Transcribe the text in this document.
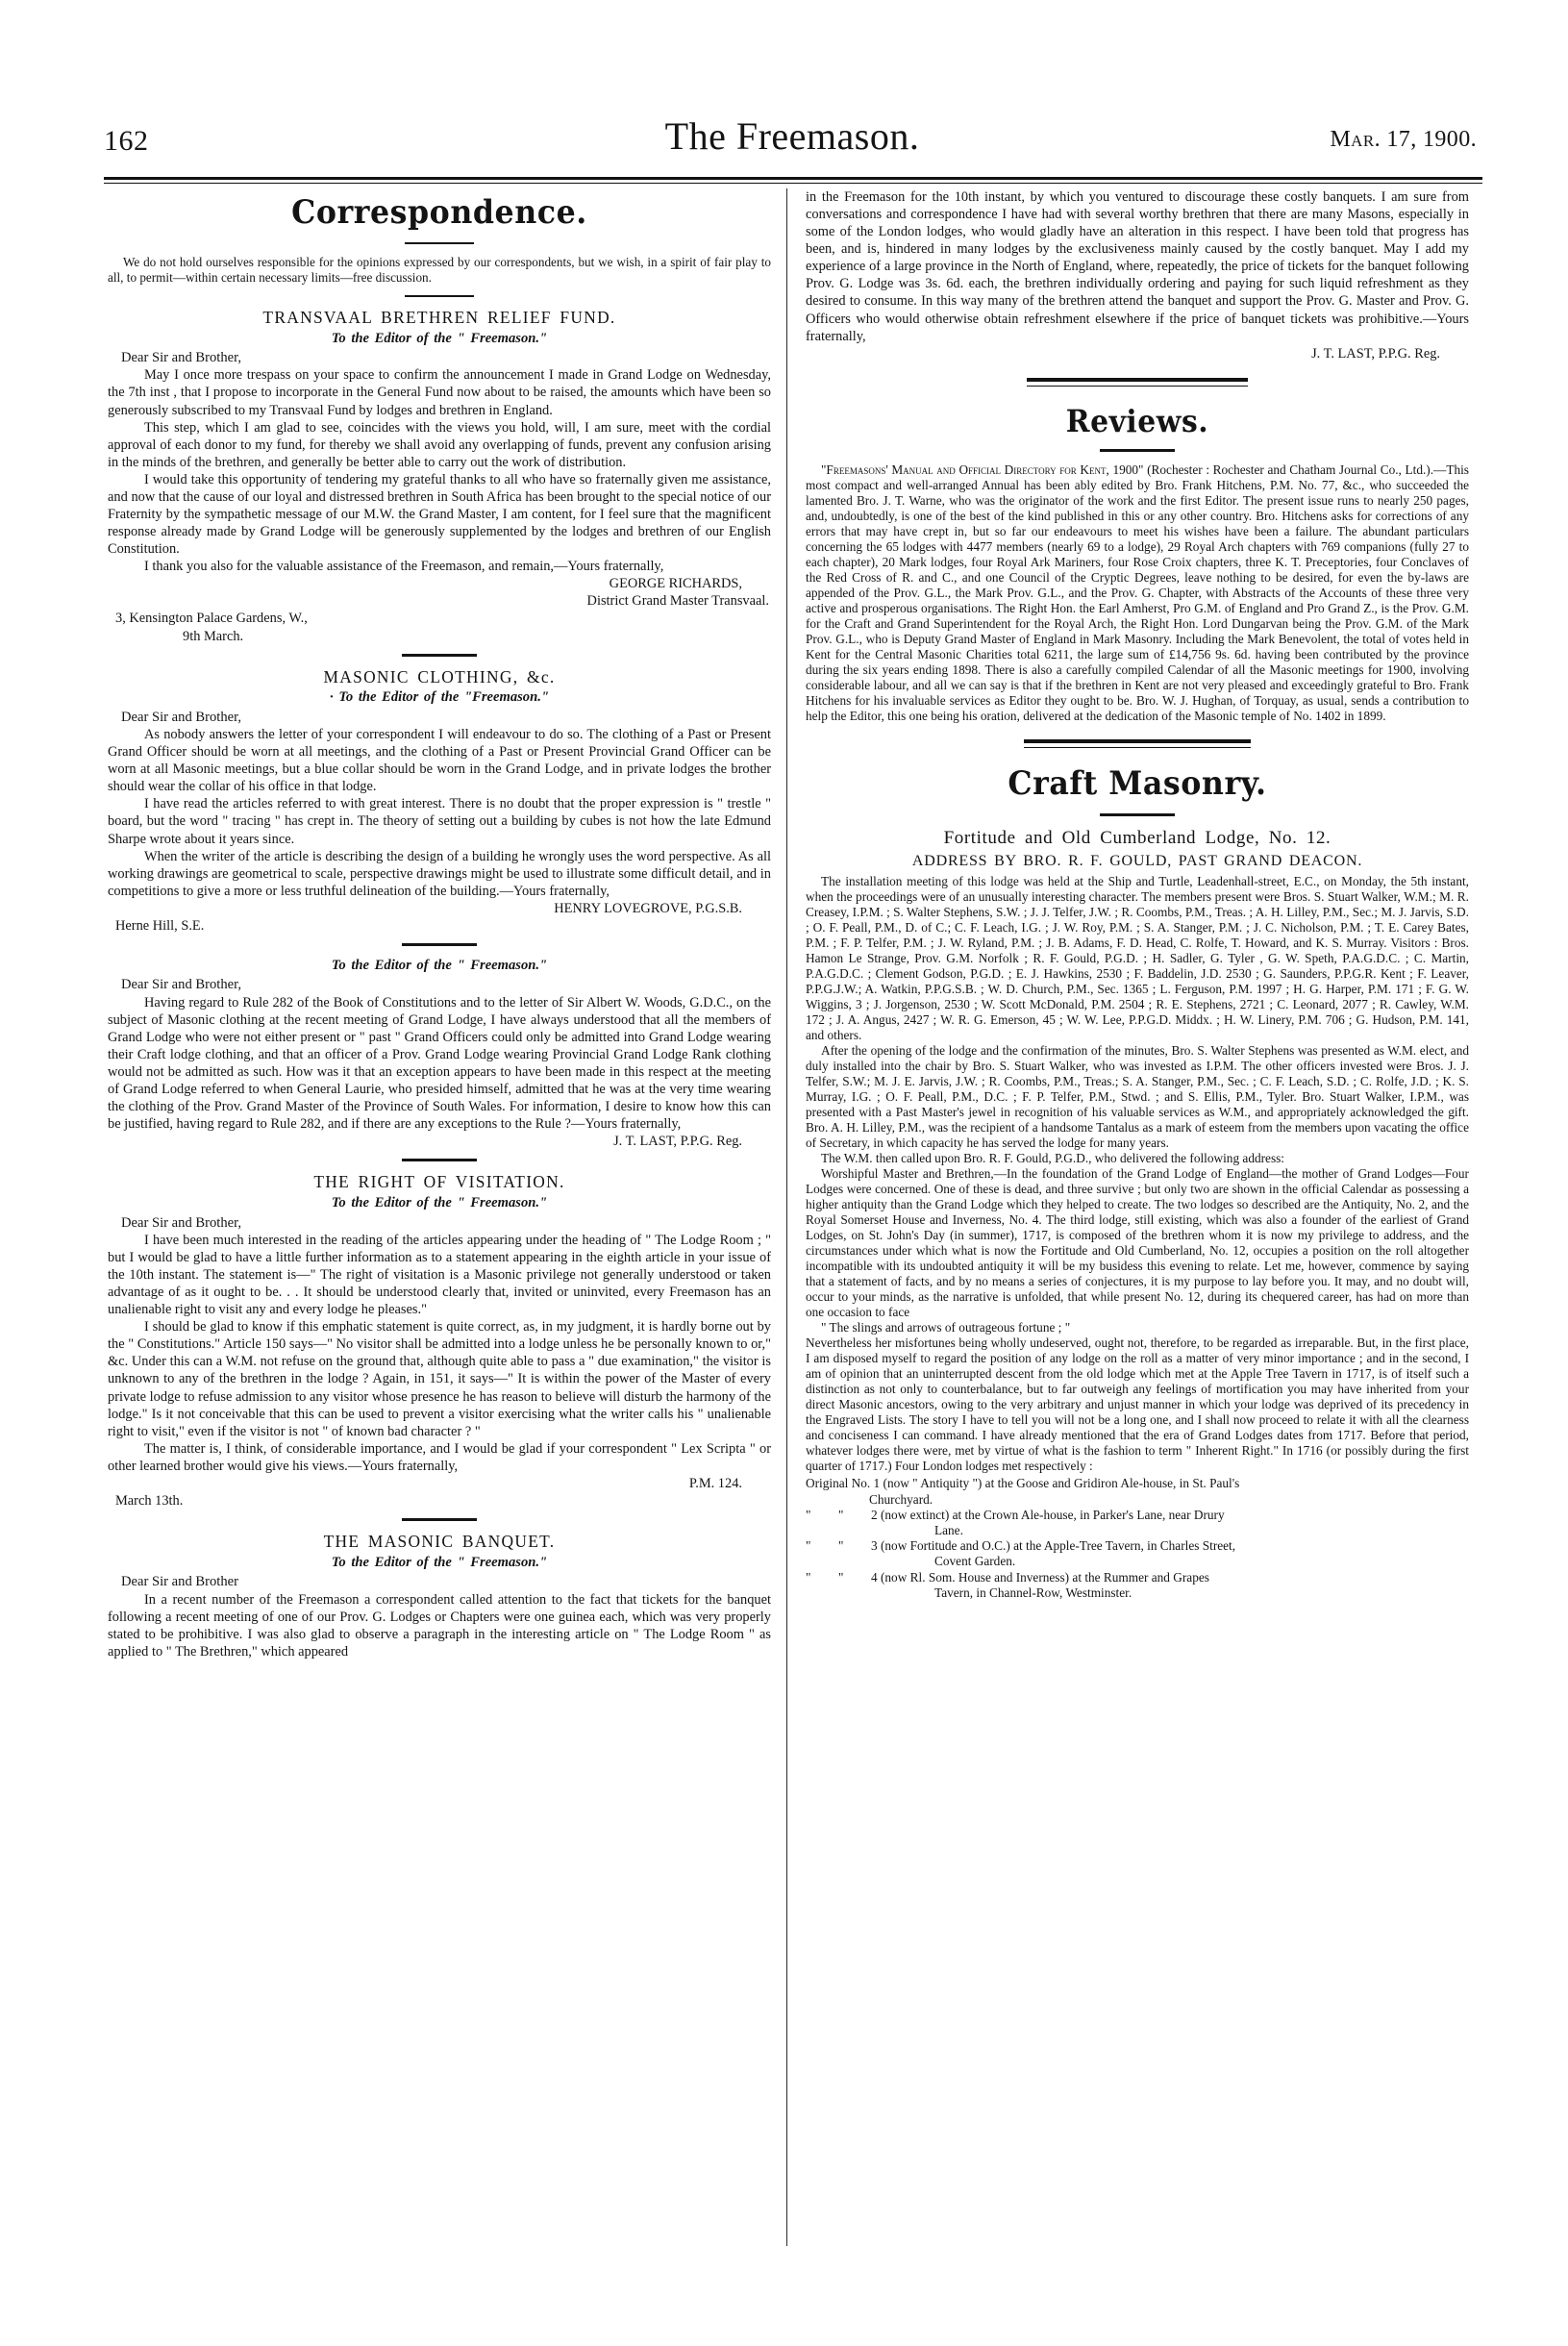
162	The Freemason.	Mar. 17, 1900.
Correspondence.
We do not hold ourselves responsible for the opinions expressed by our correspondents, but we wish, in a spirit of fair play to all, to permit—within certain necessary limits—free discussion.
TRANSVAAL BRETHREN RELIEF FUND.
To the Editor of the " Freemason."
Dear Sir and Brother,

May I once more trespass on your space to confirm the announcement I made in Grand Lodge on Wednesday, the 7th inst , that I propose to incorporate in the General Fund now about to be raised, the amounts which have been so generously subscribed to my Transvaal Fund by lodges and brethren in England.

This step, which I am glad to see, coincides with the views you hold, will, I am sure, meet with the cordial approval of each donor to my fund, for thereby we shall avoid any overlapping of funds, prevent any confusion arising in the minds of the brethren, and generally be better able to carry out the work of distribution.

I would take this opportunity of tendering my grateful thanks to all who have so fraternally given me assistance, and now that the cause of our loyal and distressed brethren in South Africa has been brought to the special notice of our Fraternity by the sympathetic message of our M.W. the Grand Master, I am content, for I feel sure that the magnificent response already made by Grand Lodge will be generously supplemented by the lodges and brethren of our English Constitution.

I thank you also for the valuable assistance of the Freemason, and remain,—Yours fraternally,

GEORGE RICHARDS,

District Grand Master Transvaal.

3, Kensington Palace Gardens, W.,

9th March.

MASONIC CLOTHING, &c.
· To the Editor of the "Freemason."
Dear Sir and Brother,

As nobody answers the letter of your correspondent I will endeavour to do so. The clothing of a Past or Present Grand Officer should be worn at all meetings, and the clothing of a Past or Present Provincial Grand Officer can be worn at all Masonic meetings, but a blue collar should be worn in the Grand Lodge, and in private lodges the brother should wear the collar of his office in that lodge.

I have read the articles referred to with great interest. There is no doubt that the proper expression is " trestle " board, but the word " tracing " has crept in. The theory of setting out a building by cubes is not how the late Edmund Sharpe wrote about it years since.

When the writer of the article is describing the design of a building he wrongly uses the word perspective. As all working drawings are geometrical to scale, perspective drawings might be used to illustrate some difficult detail, and in competitions to give a more or less truthful delineation of the building.—Yours fraternally,

HENRY LOVEGROVE, P.G.S.B.

Herne Hill, S.E.

To the Editor of the " Freemason."
Dear Sir and Brother,

Having regard to Rule 282 of the Book of Constitutions and to the letter of Sir Albert W. Woods, G.D.C., on the subject of Masonic clothing at the recent meeting of Grand Lodge, I have always understood that all the members of Grand Lodge who were not either present or " past " Grand Officers could only be admitted into Grand Lodge wearing their Craft lodge clothing, and that an officer of a Prov. Grand Lodge wearing Provincial Grand Lodge Rank clothing would not be admitted as such. How was it that an exception appears to have been made in this respect at the meeting of Grand Lodge referred to when General Laurie, who presided himself, admitted that he was at the very time wearing the clothing of the Prov. Grand Master of the Province of South Wales. For information, I desire to know how this can be justified, having regard to Rule 282, and if there are any exceptions to the Rule ?—Yours fraternally,

J. T. LAST, P.P.G. Reg.

THE RIGHT OF VISITATION.
To the Editor of the " Freemason."
Dear Sir and Brother,

I have been much interested in the reading of the articles appearing under the heading of " The Lodge Room ; " but I would be glad to have a little further information as to a statement appearing in the eighth article in your issue of the 10th instant. The statement is—" The right of visitation is a Masonic privilege not generally understood or taken advantage of as it ought to be. . . It should be understood clearly that, invited or uninvited, every Freemason has an unalienable right to visit any and every lodge he pleases."

I should be glad to know if this emphatic statement is quite correct, as, in my judgment, it is hardly borne out by the " Constitutions." Article 150 says—" No visitor shall be admitted into a lodge unless he be personally known to or," &c. Under this can a W.M. not refuse on the ground that, although quite able to pass a " due examination," the visitor is unknown to any of the brethren in the lodge ? Again, in 151, it says—" It is within the power of the Master of every private lodge to refuse admission to any visitor whose presence he has reason to believe will disturb the harmony of the lodge." Is it not conceivable that this can be used to prevent a visitor exercising what the writer calls his " unalienable right to visit," even if the visitor is not " of known bad character ? "

The matter is, I think, of considerable importance, and I would be glad if your correspondent " Lex Scripta " or other learned brother would give his views.—Yours fraternally,

P.M. 124.

March 13th.

THE MASONIC BANQUET.
To the Editor of the " Freemason."
Dear Sir and Brother

In a recent number of the Freemason a correspondent called attention to the fact that tickets for the banquet following a recent meeting of one of our Prov. G. Lodges or Chapters were one guinea each, which was very properly stated to be prohibitive. I was also glad to observe a paragraph in the interesting article on " The Lodge Room " as applied to " The Brethren," which appeared

in the Freemason for the 10th instant, by which you ventured to discourage these costly banquets. I am sure from conversations and correspondence I have had with several worthy brethren that there are many Masons, especially in some of the London lodges, who would gladly have an alteration in this respect. I have been told that progress has been, and is, hindered in many lodges by the exclusiveness mainly caused by the costly banquet. May I add my experience of a large province in the North of England, where, repeatedly, the price of tickets for the banquet following Prov. G. Lodge was 3s. 6d. each, the brethren individually ordering and paying for such liquid refreshment as they desired to consume. In this way many of the brethren attend the banquet and support the Prov. G. Master and Prov. G. Officers who would otherwise obtain refreshment elsewhere if the price of banquet tickets was prohibitive.—Yours fraternally,

J. T. LAST, P.P.G. Reg.

Reviews.

"Freemasons' Manual and Official Directory for Kent, 1900" (Rochester : Rochester and Chatham Journal Co., Ltd.).—This most compact and well-arranged Annual has been ably edited by Bro. Frank Hitchens, P.M. No. 77, &c., who succeeded the lamented Bro. J. T. Warne, who was the originator of the work and the first Editor. The present issue runs to nearly 250 pages, and, undoubtedly, is one of the best of the kind published in this or any other country. Bro. Hitchens asks for corrections of any errors that may have crept in, but so far our endeavours to meet his wishes have been a failure. The abundant particulars concerning the 65 lodges with 4477 members (nearly 69 to a lodge), 29 Royal Arch chapters with 769 companions (fully 27 to each chapter), 20 Mark lodges, four Royal Ark Mariners, four Rose Croix chapters, three K. T. Preceptories, four Conclaves of the Red Cross of R. and C., and one Council of the Cryptic Degrees, leave nothing to be desired, for even the by-laws are appended of the Prov. G.L., the Mark Prov. G.L., and the Prov. G. Chapter, with Abstracts of the Accounts of these three very active and prosperous organisations. The Right Hon. the Earl Amherst, Pro G.M. of England and Pro Grand Z., is the Prov. G.M. for the Craft and Grand Superintendent for the Royal Arch, the Right Hon. Lord Dungarvan being the Prov. G.M. of the Mark Prov. G.L., who is Deputy Grand Master of England in Mark Masonry. Including the Mark Benevolent, the total of votes held in Kent for the Central Masonic Charities total 6211, the large sum of £14,756 9s. 6d. having been contributed by the province during the six years ending 1898. There is also a carefully compiled Calendar of all the Masonic meetings for 1900, involving considerable labour, and all we can say is that if the brethren in Kent are not very pleased and exceedingly grateful to Bro. Frank Hitchens for his invaluable services as Editor they ought to be. Bro. W. J. Hughan, of Torquay, as usual, sends a contribution to help the Editor, this one being his oration, delivered at the dedication of the Masonic temple of No. 1402 in 1899.

Craft Masonry.
Fortitude and Old Cumberland Lodge, No. 12.
ADDRESS BY BRO. R. F. GOULD, PAST GRAND DEACON.

The installation meeting of this lodge was held at the Ship and Turtle, Leadenhall-street, E.C., on Monday, the 5th instant, when the proceedings were of an unusually interesting character. The members present were Bros. S. Stuart Walker, W.M.; M. R. Creasey, I.P.M. ; S. Walter Stephens, S.W. ; J. J. Telfer, J.W. ; R. Coombs, P.M., Treas. ; A. H. Lilley, P.M., Sec.; M. J. Jarvis, S.D. ; O. F. Peall, P.M., D. of C.; C. F. Leach, I.G. ; J. W. Roy, P.M. ; S. A. Stanger, P.M. ; J. C. Nicholson, P.M. ; T. E. Carey Bates, P.M. ; F. P. Telfer, P.M. ; J. W. Ryland, P.M. ; J. B. Adams, F. D. Head, C. Rolfe, T. Howard, and K. S. Murray. Visitors : Bros. Hamon Le Strange, Prov. G.M. Norfolk ; R. F. Gould, P.G.D. ; H. Sadler, G. Tyler , G. W. Speth, P.A.G.D.C. ; C. Martin, P.A.G.D.C. ; Clement Godson, P.G.D. ; E. J. Hawkins, 2530 ; F. Baddelin, J.D. 2530 ; G. Saunders, P.P.G.R. Kent ; F. Leaver, P.P.G.J.W.; A. Watkin, P.P.G.S.B. ; W. D. Church, P.M., Sec. 1365 ; L. Ferguson, P.M. 1997 ; H. G. Harper, P.M. 171 ; F. G. W. Wiggins, 3 ; J. Jorgenson, 2530 ; W. Scott McDonald, P.M. 2504 ; R. E. Stephens, 2721 ; C. Leonard, 2077 ; R. Cawley, W.M. 172 ; J. A. Angus, 2427 ; W. R. G. Emerson, 45 ; W. W. Lee, P.P.G.D. Middx. ; H. W. Linery, P.M. 706 ; G. Hudson, P.M. 141, and others.

After the opening of the lodge and the confirmation of the minutes, Bro. S. Walter Stephens was presented as W.M. elect, and duly installed into the chair by Bro. S. Stuart Walker, who was invested as I.P.M. The other officers invested were Bros. J. J. Telfer, S.W.; M. J. E. Jarvis, J.W. ; R. Coombs, P.M., Treas.; S. A. Stanger, P.M., Sec. ; C. F. Leach, S.D. ; C. Rolfe, J.D. ; K. S. Murray, I.G. ; O. F. Peall, P.M., D.C. ; F. P. Telfer, P.M., Stwd. ; and S. Ellis, P.M., Tyler. Bro. Stuart Walker, I.P.M., was presented with a Past Master's jewel in recognition of his valuable services as W.M., and appropriately acknowledged the gift. Bro. A. H. Lilley, P.M., was the recipient of a handsome Tantalus as a mark of esteem from the members upon vacating the office of Secretary, in which capacity he has served the lodge for many years.

The W.M. then called upon Bro. R. F. Gould, P.G.D., who delivered the following address:

Worshipful Master and Brethren,—In the foundation of the Grand Lodge of England—the mother of Grand Lodges—Four Lodges were concerned. One of these is dead, and three survive ; but only two are shown in the official Calendar as possessing a higher antiquity than the Grand Lodge which they helped to create. The two lodges so described are the Antiquity, No. 2, and the Royal Somerset House and Inverness, No. 4. The third lodge, still existing, which was also a founder of the earliest of Grand Lodges, on St. John's Day (in summer), 1717, is composed of the brethren whom it is now my privilege to address, and the circumstances under which what is now the Fortitude and Old Cumberland, No. 12, occupies a position on the roll altogether incompatible with its undoubted antiquity it will be my busidess this evening to relate. Let me, however, commence by saying that a statement of facts, and by no means a series of conjectures, it is my purpose to lay before you. It may, and no doubt will, occur to your minds, as the narrative is unfolded, that while present No. 12, during its chequered career, has had on more than one occasion to face

" The slings and arrows of outrageous fortune ; "

Nevertheless her misfortunes being wholly undeserved, ought not, therefore, to be regarded as irreparable. But, in the first place, I am disposed myself to regard the position of any lodge on the roll as a matter of very minor importance ; and in the second, I am of opinion that an uninterrupted descent from the old lodge which met at the Apple Tree Tavern in 1717, is of itself such a distinction as not only to counterbalance, but to far outweigh any feelings of mortification you may have inherited from your direct Masonic ancestors, owing to the very arbitrary and unjust manner in which your lodge was deprived of its precedency in the Engraved Lists. The story I have to tell you will not be a long one, and I shall now proceed to relate it with all the clearness and conciseness I can command. I have already mentioned that the era of Grand Lodges dates from 1717. Before that period, whatever lodges there were, met by virtue of what is the fashion to term " Inherent Right." In 1716 (or possibly during the first quarter of 1717.) Four London lodges met respectively :

Original No. 1 (now " Antiquity ") at the Goose and Gridiron Ale-house, in St. Paul's
Churchyard.
"	"	2 (now extinct) at the Crown Ale-house, in Parker's Lane, near Drury
Lane.
"	"	3 (now Fortitude and O.C.) at the Apple-Tree Tavern, in Charles Street,
Covent Garden.
"	"	4 (now Rl. Som. House and Inverness) at the Rummer and Grapes
Tavern, in Channel-Row, Westminster.
